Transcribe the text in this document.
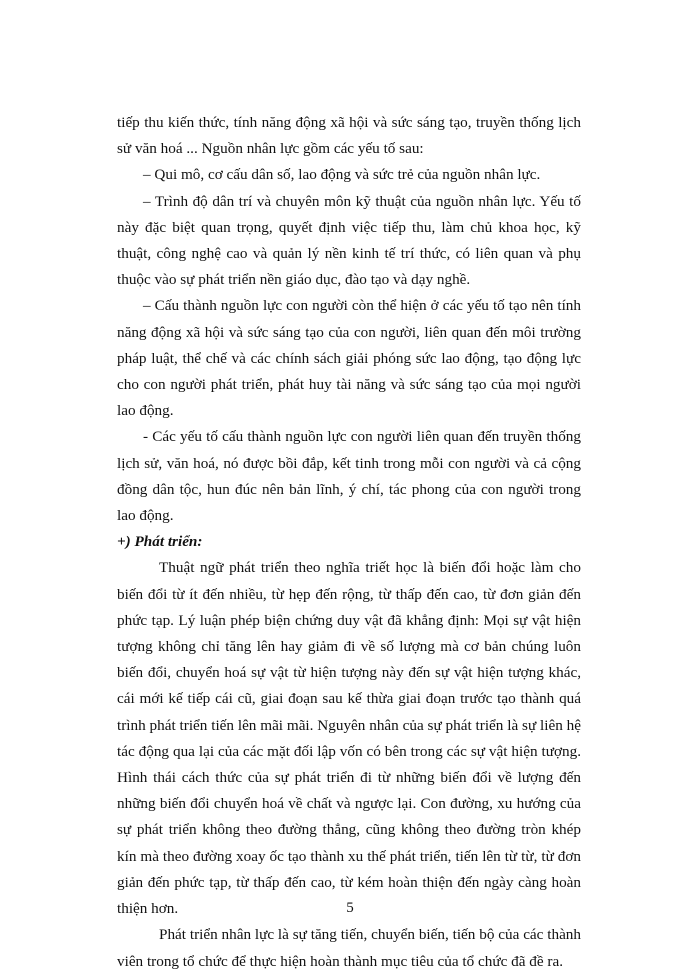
tiếp thu kiến thức, tính năng động xã hội và sức sáng tạo, truyền thống lịch sử văn hoá ... Nguồn nhân lực gồm các yếu tố sau:

– Qui mô, cơ cấu dân số, lao động và sức trẻ của nguồn nhân lực.

– Trình độ dân trí và chuyên môn kỹ thuật của nguồn nhân lực. Yếu tố này đặc biệt quan trọng, quyết định việc tiếp thu, làm chủ khoa học, kỹ thuật, công nghệ cao và quản lý nền kinh tế trí thức, có liên quan và phụ thuộc vào sự phát triển nền giáo dục, đào tạo và dạy nghề.

– Cấu thành nguồn lực con người còn thể hiện ở các yếu tố tạo nên tính năng động xã hội và sức sáng tạo của con người, liên quan đến môi trường pháp luật, thể chế và các chính sách giải phóng sức lao động, tạo động lực cho con người phát triển, phát huy tài năng và sức sáng tạo của mọi người lao động.

- Các yếu tố cấu thành nguồn lực con người liên quan đến truyền thống lịch sử, văn hoá, nó được bồi đắp, kết tinh trong mỗi con người và cả cộng đồng dân tộc, hun đúc nên bản lĩnh, ý chí, tác phong của con người trong lao động.

+) Phát triển:

Thuật ngữ phát triển theo nghĩa triết học là biến đổi hoặc làm cho biến đổi từ ít đến nhiều, từ hẹp đến rộng, từ thấp đến cao, từ đơn giản đến phức tạp. Lý luận phép biện chứng duy vật đã khẳng định: Mọi sự vật hiện tượng không chỉ tăng lên hay giảm đi về số lượng mà cơ bản chúng luôn biến đổi, chuyển hoá sự vật từ hiện tượng này đến sự vật hiện tượng khác, cái mới kế tiếp cái cũ, giai đoạn sau kế thừa giai đoạn trước tạo thành quá trình phát triển tiến lên mãi mãi. Nguyên nhân của sự phát triển là sự liên hệ tác động qua lại của các mặt đối lập vốn có bên trong các sự vật hiện tượng. Hình thái cách thức của sự phát triển đi từ những biến đổi về lượng đến những biến đổi chuyển hoá về chất và ngược lại. Con đường, xu hướng của sự phát triển không theo đường thẳng, cũng không theo đường tròn khép kín mà theo đường xoay ốc tạo thành xu thế phát triển, tiến lên từ từ, từ đơn giản đến phức tạp, từ thấp đến cao, từ kém hoàn thiện đến ngày càng hoàn thiện hơn.

Phát triển nhân lực là sự tăng tiến, chuyển biến, tiến bộ của các thành viên trong tổ chức để thực hiện hoàn thành mục tiêu của tổ chức đã đề ra.

5
